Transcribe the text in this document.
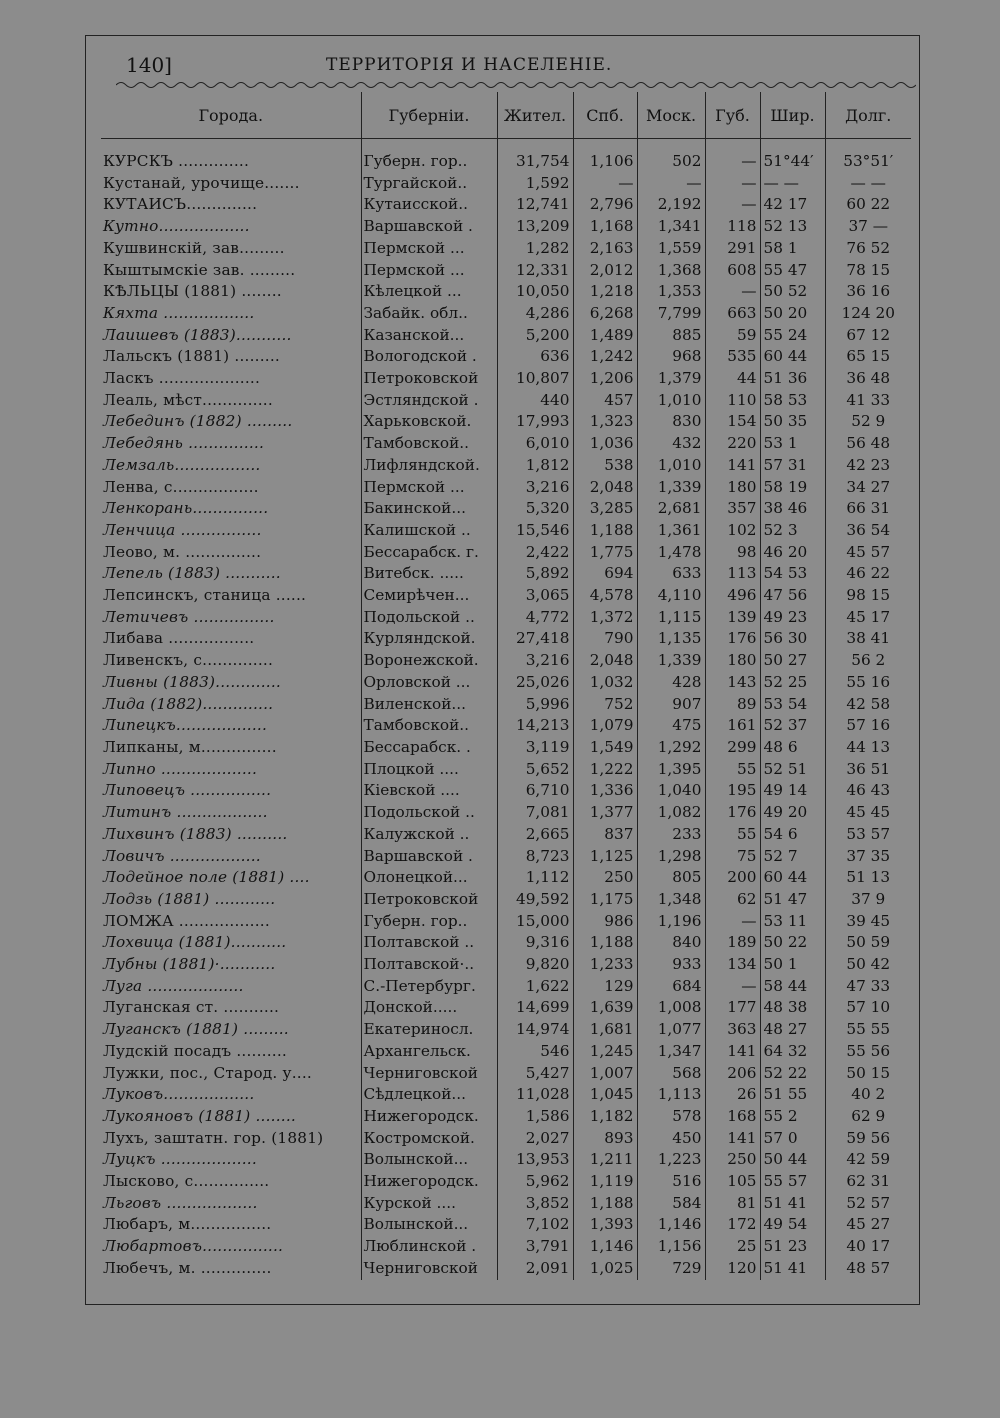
140]	ТЕРРИТОРІЯ И НАСЕЛЕНІЕ.
Города.	Губерніи.	Жител.	Спб.	Моск.	Губ.	Шир.	Долг.

КУРСКЪ ..............	Губерн. гор..	31,754	1,106	502	—	51°44′	53°51′
Кустанай, урочище.......	Тургайской..	1,592	—	—	—	— —	— —
КУТАИСЪ..............	Кутаисской..	12,741	2,796	2,192	—	42 17	60 22
Кутно..................	Варшавской .	13,209	1,168	1,341	118	52 13	37 —
Кушвинскій, зав.........	Пермской ...	1,282	2,163	1,559	291	58 1	76 52
Кыштымскіе зав. .........	Пермской ...	12,331	2,012	1,368	608	55 47	78 15
КѢЛЬЦЫ (1881) ........	Кѣлецкой ...	10,050	1,218	1,353	—	50 52	36 16
Кяхта ..................	Забайк. обл..	4,286	6,268	7,799	663	50 20	124 20
Лаишевъ (1883)...........	Казанской...	5,200	1,489	885	59	55 24	67 12
Лальскъ (1881) .........	Вологодской .	636	1,242	968	535	60 44	65 15
Ласкъ ....................	Петроковской	10,807	1,206	1,379	44	51 36	36 48
Леаль, мѣст..............	Эстляндской .	440	457	1,010	110	58 53	41 33
Лебединъ (1882) .........	Харьковской.	17,993	1,323	830	154	50 35	52 9
Лебедянь ...............	Тамбовской..	6,010	1,036	432	220	53 1	56 48
Лемзаль.................	Лифляндской.	1,812	538	1,010	141	57 31	42 23
Ленва, с.................	Пермской ...	3,216	2,048	1,339	180	58 19	34 27
Ленкорань...............	Бакинской...	5,320	3,285	2,681	357	38 46	66 31
Ленчица ................	Калишской ..	15,546	1,188	1,361	102	52 3	36 54
Леово, м. ...............	Бессарабск. г.	2,422	1,775	1,478	98	46 20	45 57
Лепель (1883) ...........	Витебск. .....	5,892	694	633	113	54 53	46 22
Лепсинскъ, станица ......	Семирѣчен...	3,065	4,578	4,110	496	47 56	98 15
Летичевъ ................	Подольской ..	4,772	1,372	1,115	139	49 23	45 17
Либава .................	Курляндской.	27,418	790	1,135	176	56 30	38 41
Ливенскъ, с..............	Воронежской.	3,216	2,048	1,339	180	50 27	56 2
Ливны (1883).............	Орловской ...	25,026	1,032	428	143	52 25	55 16
Лида (1882)..............	Виленской...	5,996	752	907	89	53 54	42 58
Липецкъ..................	Тамбовской..	14,213	1,079	475	161	52 37	57 16
Липканы, м...............	Бессарабск. .	3,119	1,549	1,292	299	48 6	44 13
Липно ...................	Плоцкой ....	5,652	1,222	1,395	55	52 51	36 51
Липовецъ ................	Кіевской ....	6,710	1,336	1,040	195	49 14	46 43
Литинъ ..................	Подольской ..	7,081	1,377	1,082	176	49 20	45 45
Лихвинъ (1883) ..........	Калужской ..	2,665	837	233	55	54 6	53 57
Ловичъ ..................	Варшавской .	8,723	1,125	1,298	75	52 7	37 35
Лодейное поле (1881) ....	Олонецкой...	1,112	250	805	200	60 44	51 13
Лодзь (1881) ............	Петроковской	49,592	1,175	1,348	62	51 47	37 9
ЛОМЖА ..................	Губерн. гор..	15,000	986	1,196	—	53 11	39 45
Лохвица (1881)...........	Полтавской ..	9,316	1,188	840	189	50 22	50 59
Лубны (1881)·...........	Полтавской·..	9,820	1,233	933	134	50 1	50 42
Луга ...................	С.-Петербург.	1,622	129	684	—	58 44	47 33
Луганская ст. ...........	Донской.....	14,699	1,639	1,008	177	48 38	57 10
Луганскъ (1881) .........	Екатериносл.	14,974	1,681	1,077	363	48 27	55 55
Лудскій посадъ ..........	Архангельск.	546	1,245	1,347	141	64 32	55 56
Лужки, пос., Старод. у....	Черниговской	5,427	1,007	568	206	52 22	50 15
Луковъ..................	Сѣдлецкой...	11,028	1,045	1,113	26	51 55	40 2
Лукояновъ (1881) ........	Нижегородск.	1,586	1,182	578	168	55 2	62 9
Лухъ, заштатн. гор. (1881)	Костромской.	2,027	893	450	141	57 0	59 56
Луцкъ ...................	Волынской...	13,953	1,211	1,223	250	50 44	42 59
Лысково, с...............	Нижегородск.	5,962	1,119	516	105	55 57	62 31
Льговъ ..................	Курской ....	3,852	1,188	584	81	51 41	52 57
Любаръ, м................	Волынской...	7,102	1,393	1,146	172	49 54	45 27
Любартовъ................	Люблинской .	3,791	1,146	1,156	25	51 23	40 17
Любечъ, м. ..............	Черниговской	2,091	1,025	729	120	51 41	48 57
